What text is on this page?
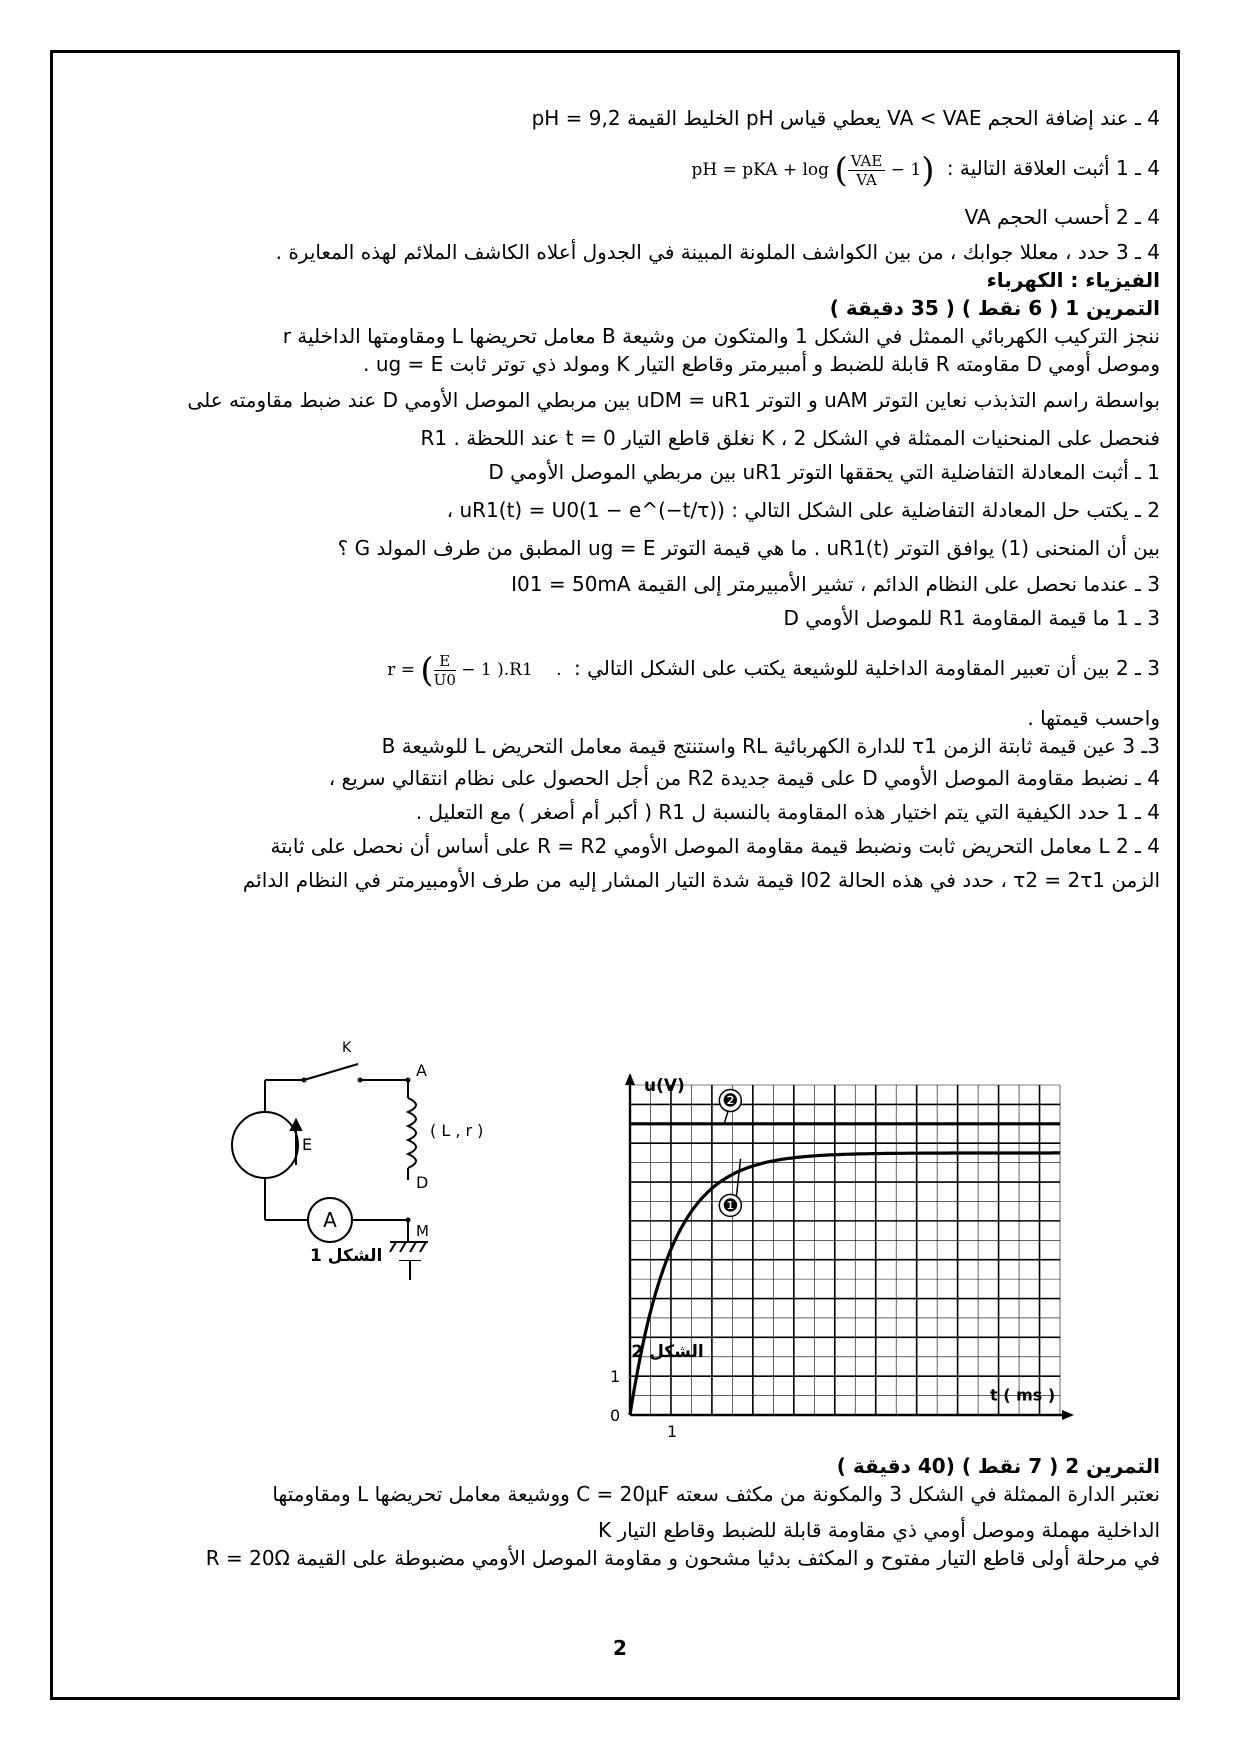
4 ـ عند إضافة الحجم VA < VAE يعطي قياس pH الخليط القيمة pH = 9,2
4 ـ 1 أثبت العلاقة التالية : pH = pKA + log ( $\frac{\text{VAE}}{VA} - 1$)
4 ـ 2 أحسب الحجم VA
4 ـ 3 حدد ، معللا جوابك ، من بين الكواشف الملونة المبينة في الجدول أعلاه الكاشف الملائم لهذه المعايرة .
الفيزياء : الكهرباء
التمرين 1 ( 6 نقط ) ( 35 دقيقة )
ننجز التركيب الكهربائي الممثل في الشكل 1 والمتكون من وشيعة B معامل تحريضها L ومقاومتها الداخلية r
وموصل أومي D مقاومته R قابلة للضبط و أمبيرمتر وقاطع التيار K ومولد ذي توتر ثابت ug = E .
بواسطة راسم التذبذب نعاين التوتر uAM و التوتر uDM = uR1 بين مربطي الموصل الأومي D عند ضبط مقاومته على
R1 . عند اللحظة t = 0 نغلق قاطع التيار K ، فنحصل على المنحنيات الممثلة في الشكل 2
1 ـ أثبت المعادلة التفاضلية التي يحققها التوتر uR1 بين مربطي الموصل الأومي D
2 ـ يكتب حل المعادلة التفاضلية على الشكل التالي : uR1(t) = U0(1 − e^(−t/τ)) ،
بين أن المنحنى (1) يوافق التوتر uR1(t) . ما هي قيمة التوتر ug = E المطبق من طرف المولد G ؟
3 ـ عندما نحصل على النظام الدائم ، تشير الأمبيرمتر إلى القيمة I01 = 50mA
3 ـ 1 ما قيمة المقاومة R1 للموصل الأومي D
3 ـ 2 بين أن تعبير المقاومة الداخلية للوشيعة يكتب على الشكل التالي : r = ( $\frac{E}{U0} - 1$ ).R1 .
واحسب قيمتها .
3ـ 3 عين قيمة ثابتة الزمن τ1 للدارة الكهربائية RL واستنتج قيمة معامل التحريض L للوشيعة B
4 ـ نضبط مقاومة الموصل الأومي D على قيمة جديدة R2 من أجل الحصول على نظام انتقالي سريع ،
4 ـ 1 حدد الكيفية التي يتم اختيار هذه المقاومة بالنسبة ل R1 ( أكبر أم أصغر ) مع التعليل .
4 ـ 2 L معامل التحريض ثابت ونضبط قيمة مقاومة الموصل الأومي R = R2 على أساس أن نحصل على ثابتة
الزمن τ2 = 2τ1 ، حدد في هذه الحالة I02 قيمة شدة التيار المشار إليه من طرف الأومبيرمتر في النظام الدائم
K
A
E
( L , r )
D
M
A
الشكل 1
❷
❶
u(V)
t ( ms )
0
1
1
الشكل 2
التمرين 2 ( 7 نقط ) (40 دقيقة )
نعتبر الدارة الممثلة في الشكل 3 والمكونة من مكثف سعته C = 20μF ووشيعة معامل تحريضها L ومقاومتها
الداخلية مهملة وموصل أومي ذي مقاومة قابلة للضبط وقاطع التيار K
في مرحلة أولى قاطع التيار مفتوح و المكثف بدئيا مشحون و مقاومة الموصل الأومي مضبوطة على القيمة R = 20Ω
2
